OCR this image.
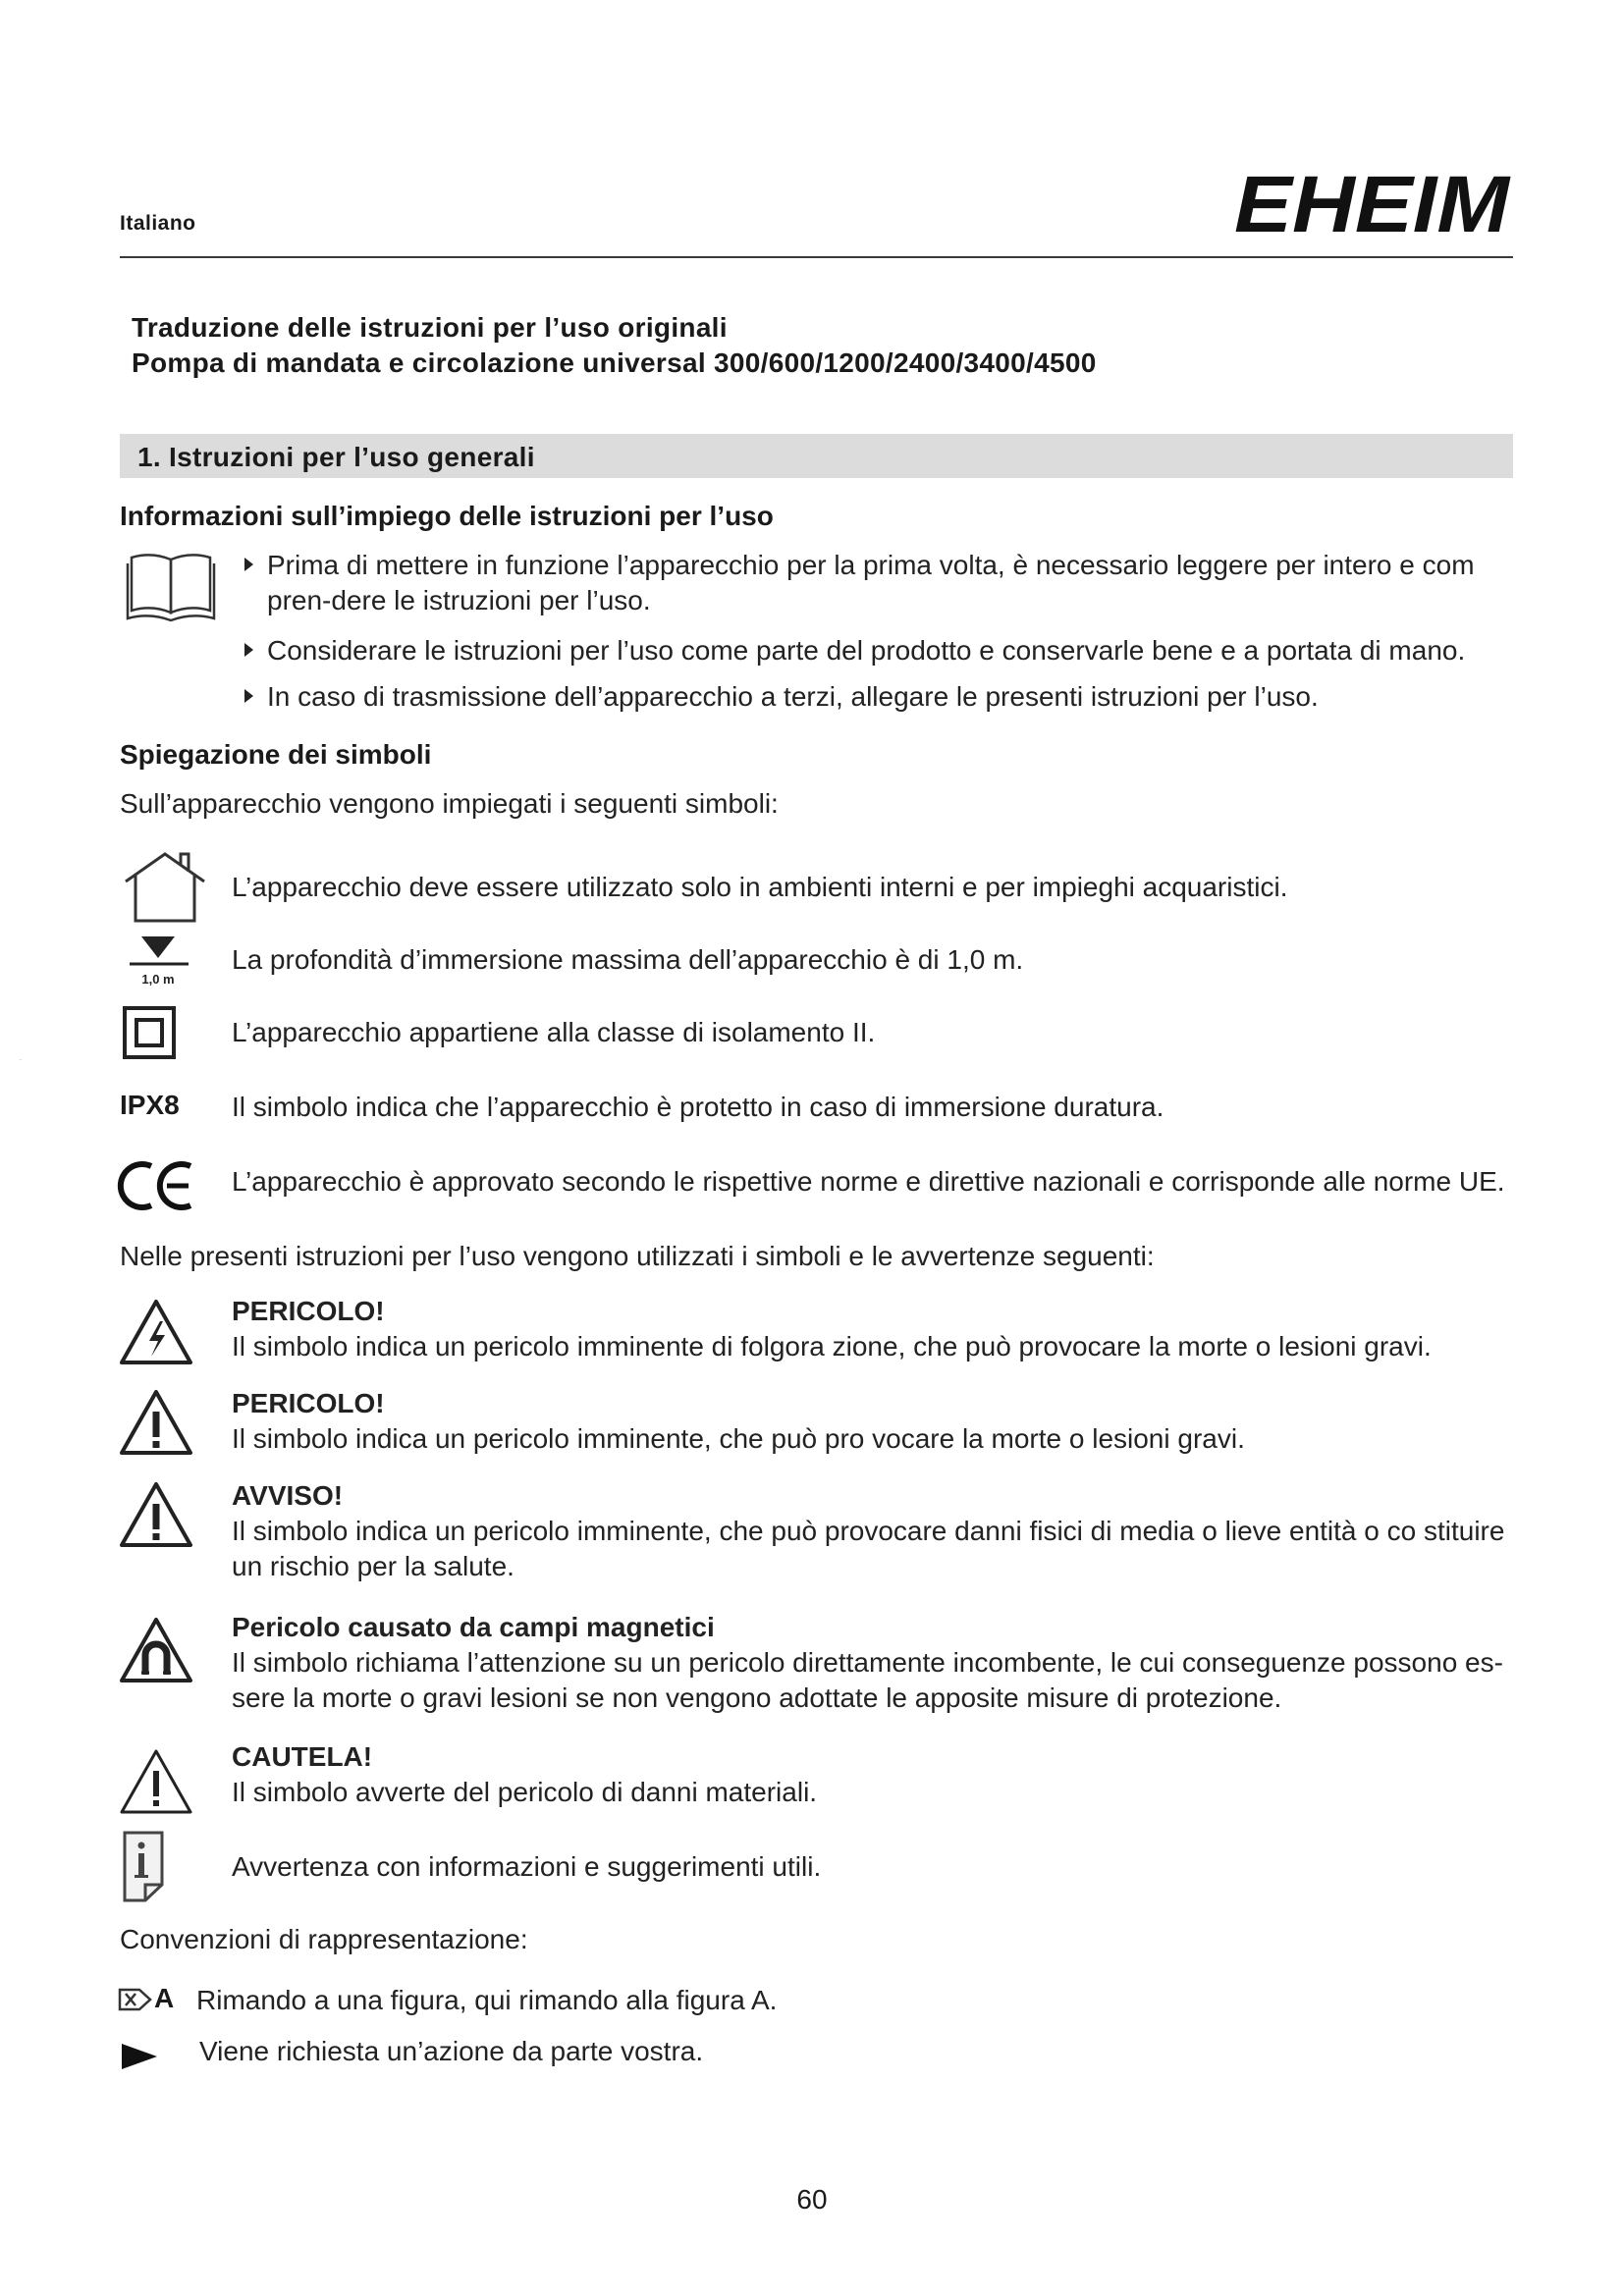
Italiano	EHEIM
Traduzione delle istruzioni per l’uso originali
Pompa di mandata e circolazione universal 300/600/1200/2400/3400/4500
1. Istruzioni per l’uso generali
Informazioni sull’impiego delle istruzioni per l’uso
Prima di mettere in funzione l’apparecchio per la prima volta, è necessario leggere per intero e com pren-dere le istruzioni per l’uso.
Considerare le istruzioni per l’uso come parte del prodotto e conservarle bene e a portata di mano.
In caso di trasmissione dell’apparecchio a terzi, allegare le presenti istruzioni per l’uso.
Spiegazione dei simboli
Sull’apparecchio vengono impiegati i seguenti simboli:
L’apparecchio deve essere utilizzato solo in ambienti interni e per impieghi acquaristici.
1,0 m
La profondità d’immersione massima dell’apparecchio è di 1,0 m.
L’apparecchio appartiene alla classe di isolamento II.
IPX8 Il simbolo indica che l’apparecchio è protetto in caso di immersione duratura.
CE
L’apparecchio è approvato secondo le rispettive norme e direttive nazionali e corrisponde alle norme UE.
Nelle presenti istruzioni per l’uso vengono utilizzati i simboli e le avvertenze seguenti:
PERICOLO!
Il simbolo indica un pericolo imminente di folgora zione, che può provocare la morte o lesioni gravi.
PERICOLO!
Il simbolo indica un pericolo imminente, che può pro vocare la morte o lesioni gravi.
AVVISO!
Il simbolo indica un pericolo imminente, che può provocare danni fisici di media o lieve entità o co stituire un rischio per la salute.
Pericolo causato da campi magnetici
Il simbolo richiama l’attenzione su un pericolo direttamente incombente, le cui conseguenze possono es-sere la morte o gravi lesioni se non vengono adottate le apposite misure di protezione.
CAUTELA!
Il simbolo avverte del pericolo di danni materiali.
Avvertenza con informazioni e suggerimenti utili.
Convenzioni di rappresentazione:
A Rimando a una figura, qui rimando alla figura A.
Viene richiesta un’azione da parte vostra.
60
